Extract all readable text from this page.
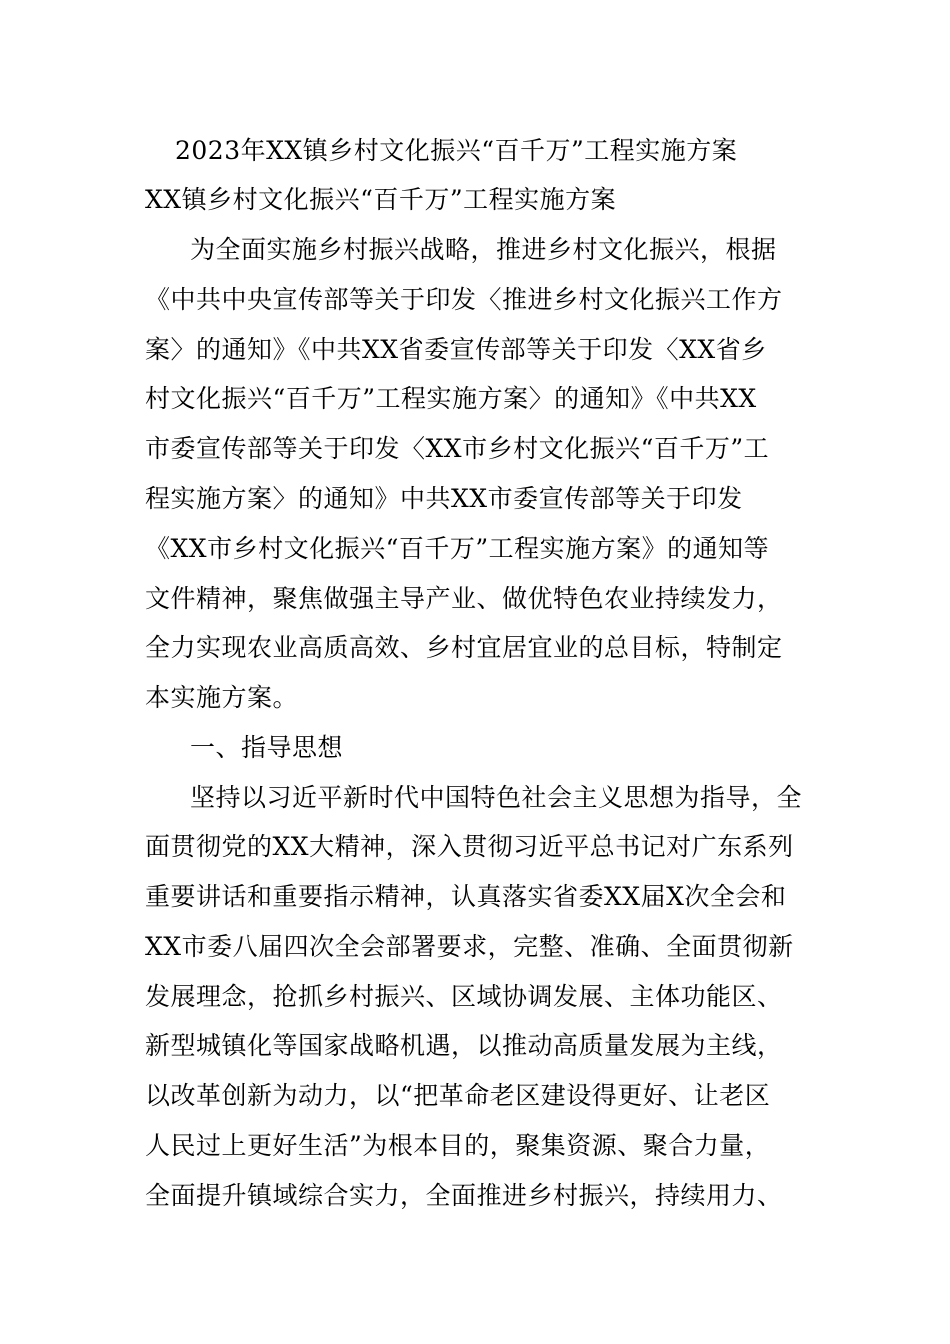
2023年XX镇乡村文化振兴“百千万”工程实施方案
XX镇乡村文化振兴“百千万”工程实施方案
为全面实施乡村振兴战略，推进乡村文化振兴，根据
《中共中央宣传部等关于印发〈推进乡村文化振兴工作方
案〉的通知》《中共XX省委宣传部等关于印发〈XX省乡
村文化振兴“百千万”工程实施方案〉的通知》《中共XX
市委宣传部等关于印发〈XX市乡村文化振兴“百千万”工
程实施方案〉的通知》中共XX市委宣传部等关于印发
《XX市乡村文化振兴“百千万”工程实施方案》的通知等
文件精神，聚焦做强主导产业、做优特色农业持续发力，
全力实现农业高质高效、乡村宜居宜业的总目标，特制定
本实施方案。
一、指导思想
坚持以习近平新时代中国特色社会主义思想为指导，全
面贯彻党的XX大精神，深入贯彻习近平总书记对广东系列
重要讲话和重要指示精神，认真落实省委XX届X次全会和
XX市委八届四次全会部署要求，完整、准确、全面贯彻新
发展理念，抢抓乡村振兴、区域协调发展、主体功能区、
新型城镇化等国家战略机遇，以推动高质量发展为主线，
以改革创新为动力，以“把革命老区建设得更好、让老区
人民过上更好生活”为根本目的，聚集资源、聚合力量，
全面提升镇域综合实力，全面推进乡村振兴，持续用力、
